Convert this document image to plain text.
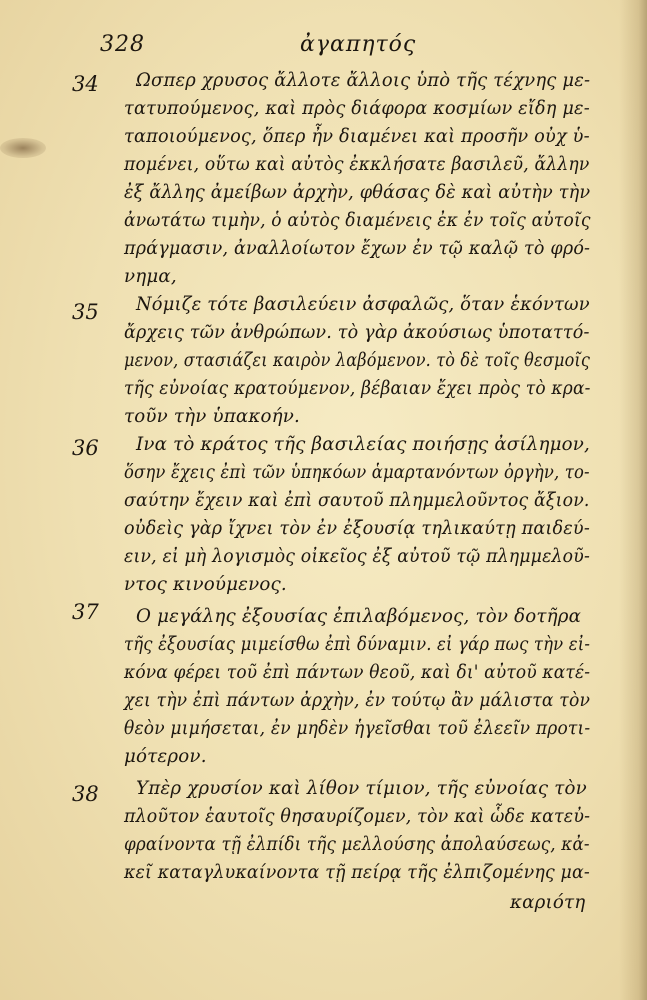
328	ἀγαπητός
34 Ωσπερ χρυσος ἄλλοτε ἄλλοις ὑπὸ τῆς τέχνης με-
τατυπούμενος, καὶ πρὸς διάφορα κοσμίων εἴδη με-
ταποιούμενος, ὅπερ ἦν διαμένει καὶ προσῆν οὐχ ὑ-
πομένει, οὕτω καὶ αὐτὸς ἐκκλήσατε βασιλεῦ, ἄλλην
ἐξ ἄλλης ἀμείβων ἀρχὴν, φθάσας δὲ καὶ αὐτὴν τὴν
ἀνωτάτω τιμὴν, ὁ αὐτὸς διαμένεις ἐκ ἐν τοῖς αὐτοῖς
πράγμασιν, ἀναλλοίωτον ἔχων ἐν τῷ καλῷ τὸ φρό-
νημα,
35 Νόμιζε τότε βασιλεύειν ἀσφαλῶς, ὅταν ἑκόντων
ἄρχεις τῶν ἀνθρώπων. τὸ γὰρ ἀκούσιως ὑποταττό-
μενον, στασιάζει καιρὸν λαβόμενον. τὸ δὲ τοῖς θεσμοῖς
τῆς εὐνοίας κρατούμενον, βέβαιαν ἔχει πρὸς τὸ κρα-
τοῦν τὴν ὑπακοήν.
36 Ινα τὸ κράτος τῆς βασιλείας ποιήσῃς ἀσίλημον,
ὅσην ἔχεις ἐπὶ τῶν ὑπηκόων ἁμαρτανόντων ὀργὴν, το-
σαύτην ἔχειν καὶ ἐπὶ σαυτοῦ πλημμελοῦντος ἄξιον.
οὐδεὶς γὰρ ἴχνει τὸν ἐν ἐξουσίᾳ τηλικαύτῃ παιδεύ-
ειν, εἰ μὴ λογισμὸς οἰκεῖος ἐξ αὐτοῦ τῷ πλημμελοῦ-
ντος κινούμενος.
37 Ο μεγάλης ἐξουσίας ἐπιλαβόμενος, τὸν δοτῆρα
τῆς ἐξουσίας μιμείσθω ἐπὶ δύναμιν. εἰ γάρ πως τὴν εἰ-
κόνα φέρει τοῦ ἐπὶ πάντων θεοῦ, καὶ δι' αὐτοῦ κατέ-
χει τὴν ἐπὶ πάντων ἀρχὴν, ἐν τούτῳ ἂν μάλιστα τὸν
θεὸν μιμήσεται, ἐν μηδὲν ἡγεῖσθαι τοῦ ἐλεεῖν προτι-
μότερον.
38 Υπὲρ χρυσίον καὶ λίθον τίμιον, τῆς εὐνοίας τὸν
πλοῦτον ἑαυτοῖς θησαυρίζομεν, τὸν καὶ ὧδε κατεὐ-
φραίνοντα τῇ ἐλπίδι τῆς μελλούσης ἀπολαύσεως, κἀ-
κεῖ καταγλυκαίνοντα τῇ πείρᾳ τῆς ἐλπιζομένης μα-
καριότη
